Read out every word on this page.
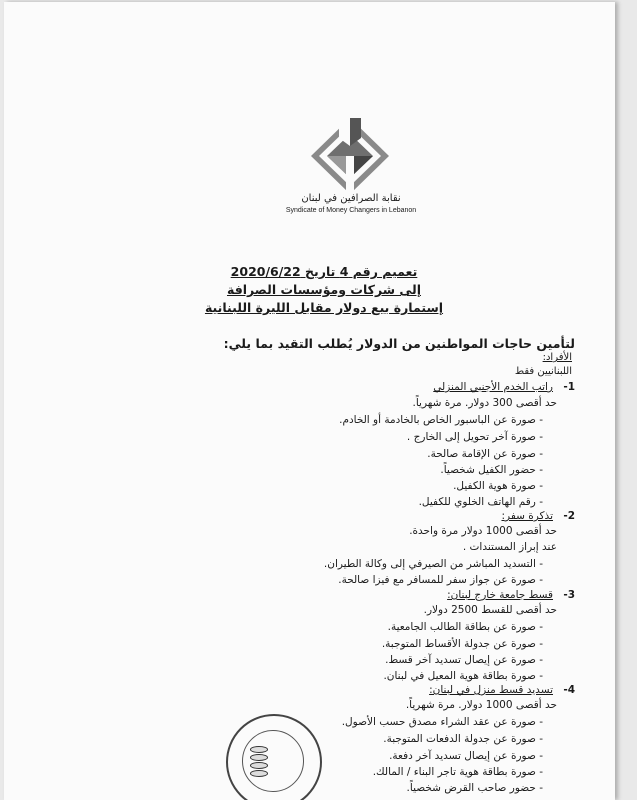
نقابة الصرافين في لبنان
Syndicate of Money Changers in Lebanon
تعميم رقم 4 تاريخ 2020/6/22
إلى شركات ومؤسسات الصرافة
إستمارة بيع دولار مقابل الليرة اللبنانية
لتأمين حاجات المواطنين من الدولار يُطلب التقيد بما يلي:
الأفراد:
اللبنانيين فقط
1-
راتب الخدم الأجنبي المنزلي
حد أقصى 300 دولار. مرة شهرياً.
- صورة عن الباسبور الخاص بالخادمة أو الخادم.
- صورة آخر تحويل إلى الخارج .
- صورة عن الإقامة صالحة.
- حضور الكفيل شخصياً.
- صورة هوية الكفيل.
- رقم الهاتف الخلوي للكفيل.
2-
تذكرة سفر:
حد أقصى 1000 دولار مرة واحدة.
عند إبراز المستندات .
- التسديد المباشر من الصيرفي إلى وكالة الطيران.
- صورة عن جواز سفر للمسافر مع فيزا صالحة.
3-
قسط جامعة خارج لبنان:
حد أقصى للقسط 2500 دولار.
- صورة عن بطاقة الطالب الجامعية.
- صورة عن جدولة الأقساط المتوجبة.
- صورة عن إيصال تسديد آخر قسط.
- صورة بطاقة هوية المعيل في لبنان.
4-
تسديد قسط منزل في لبنان:
حد أقصى 1000 دولار. مرة شهرياً.
- صورة عن عقد الشراء مصدق حسب الأصول.
- صورة عن جدولة الدفعات المتوجبة.
- صورة عن إيصال تسديد آخر دفعة.
- صورة بطاقة هوية تاجر البناء / المالك.
- حضور صاحب القرض شخصياً.
